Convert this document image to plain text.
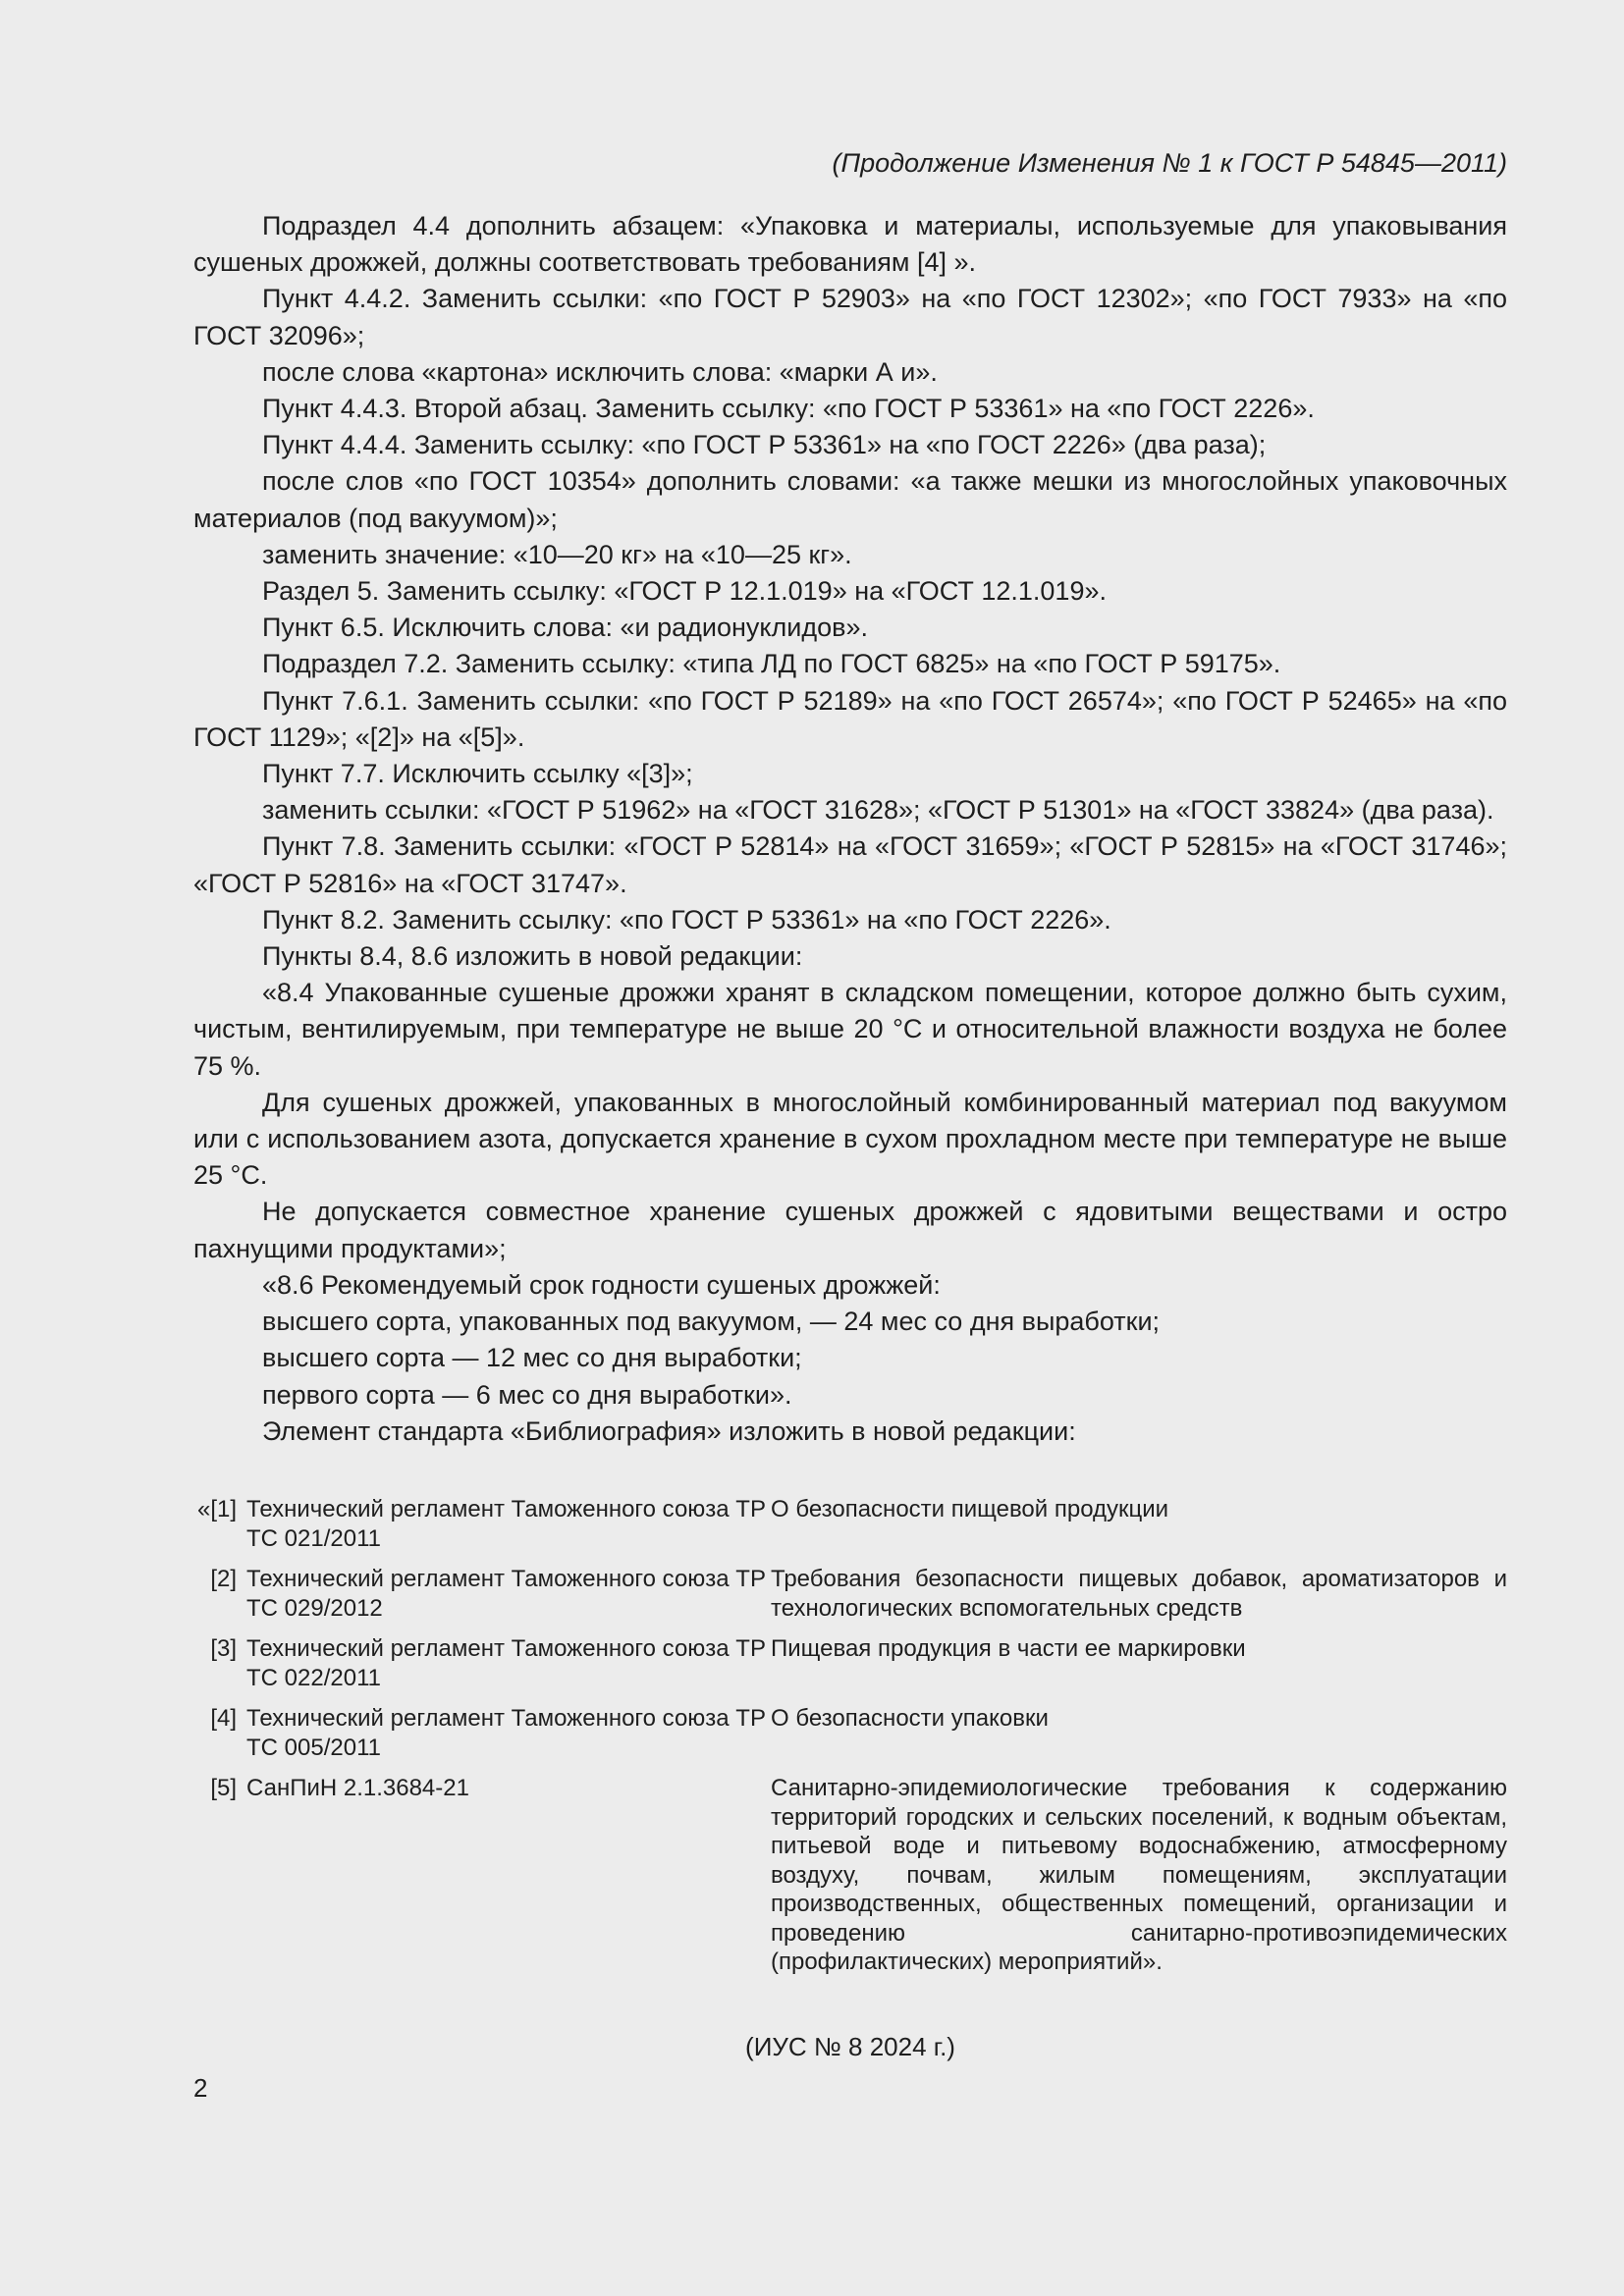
(Продолжение Изменения № 1 к ГОСТ Р 54845—2011)

Подраздел 4.4 дополнить абзацем: «Упаковка и материалы, используемые для упаковывания сушеных дрожжей, должны соответствовать требованиям [4] ».

Пункт 4.4.2. Заменить ссылки: «по ГОСТ Р 52903» на «по ГОСТ 12302»; «по ГОСТ 7933» на «по ГОСТ 32096»;

после слова «картона» исключить слова: «марки А и».

Пункт 4.4.3. Второй абзац. Заменить ссылку: «по ГОСТ Р 53361» на «по ГОСТ 2226».

Пункт 4.4.4. Заменить ссылку: «по ГОСТ Р 53361» на «по ГОСТ 2226» (два раза);

после слов «по ГОСТ 10354» дополнить словами: «а также мешки из многослойных упаковочных материалов (под вакуумом)»;

заменить значение: «10—20 кг» на «10—25 кг».

Раздел 5. Заменить ссылку: «ГОСТ Р 12.1.019» на «ГОСТ 12.1.019».

Пункт 6.5. Исключить слова: «и радионуклидов».

Подраздел 7.2. Заменить ссылку: «типа ЛД по ГОСТ 6825» на «по ГОСТ Р 59175».

Пункт 7.6.1. Заменить ссылки: «по ГОСТ Р 52189» на «по ГОСТ 26574»; «по ГОСТ Р 52465» на «по ГОСТ 1129»; «[2]» на «[5]».

Пункт 7.7. Исключить ссылку «[3]»;

заменить ссылки: «ГОСТ Р 51962» на «ГОСТ 31628»; «ГОСТ Р 51301» на «ГОСТ 33824» (два раза).

Пункт 7.8. Заменить ссылки: «ГОСТ Р 52814» на «ГОСТ 31659»; «ГОСТ Р 52815» на «ГОСТ 31746»; «ГОСТ Р 52816» на «ГОСТ 31747».

Пункт 8.2. Заменить ссылку: «по ГОСТ Р 53361» на «по ГОСТ 2226».

Пункты 8.4, 8.6 изложить в новой редакции:

«8.4 Упакованные сушеные дрожжи хранят в складском помещении, которое должно быть сухим, чистым, вентилируемым, при температуре не выше 20 °С и относительной влажности воздуха не более 75 %.

Для сушеных дрожжей, упакованных в многослойный комбинированный материал под вакуумом или с использованием азота, допускается хранение в сухом прохладном месте при температуре не выше 25 °С.

Не допускается совместное хранение сушеных дрожжей с ядовитыми веществами и остро пахнущими продуктами»;

«8.6 Рекомендуемый срок годности сушеных дрожжей:

высшего сорта, упакованных под вакуумом, — 24 мес со дня выработки;

высшего сорта — 12 мес со дня выработки;

первого сорта — 6 мес со дня выработки».

Элемент стандарта «Библиография» изложить в новой редакции:

«[1] Технический регламент Таможенного союза ТР ТС 021/2011
О безопасности пищевой продукции
[2] Технический регламент Таможенного союза ТР ТС 029/2012
Требования безопасности пищевых добавок, ароматизаторов и технологических вспомогательных средств
[3] Технический регламент Таможенного союза ТР ТС 022/2011
Пищевая продукция в части ее маркировки
[4] Технический регламент Таможенного союза ТР ТС 005/2011
О безопасности упаковки
[5] СанПиН 2.1.3684-21	Санитарно-эпидемиологические требования к содержанию территорий городских и сельских поселений, к водным объектам, питьевой воде и питьевому водоснабжению, атмосферному воздуху, почвам, жилым помещениям, эксплуатации производственных, общественных помещений, организации и проведению санитарно-противоэпидемических (профилактических) мероприятий».
(ИУС № 8 2024 г.)
2
